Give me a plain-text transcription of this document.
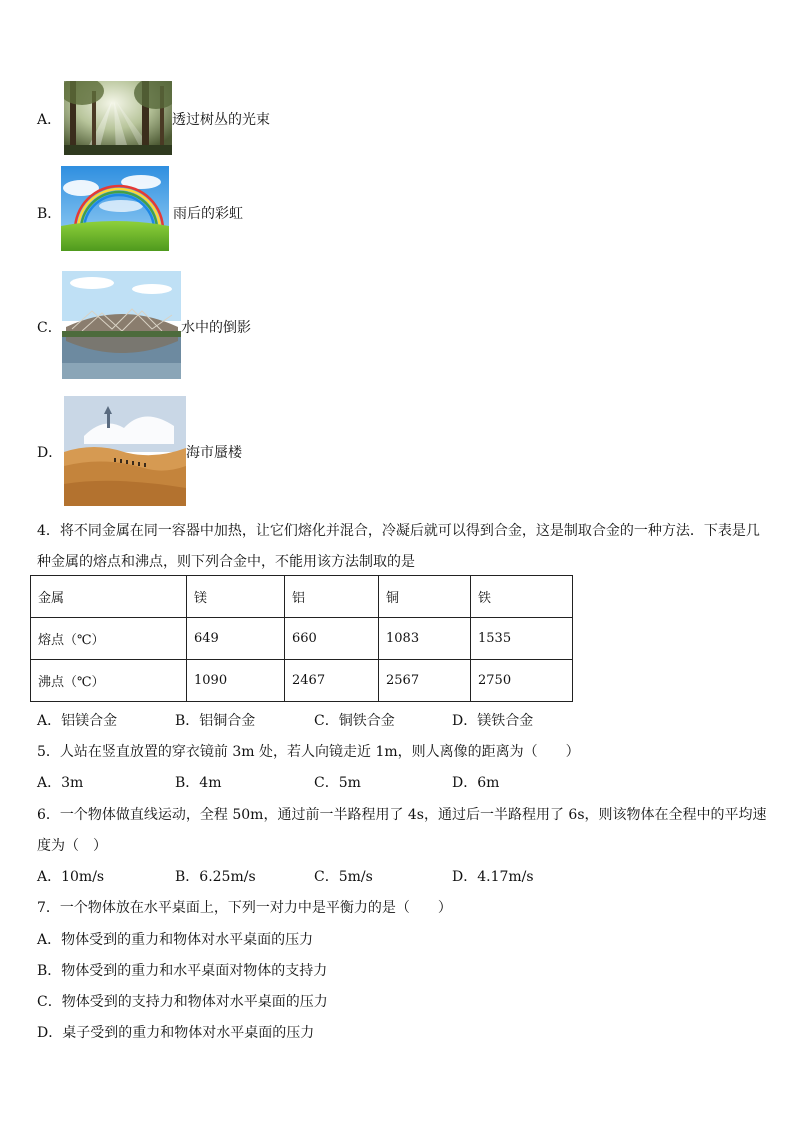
A．	透过树丛的光束
B．	雨后的彩虹
C．	水中的倒影
D．	海市蜃楼
4．将不同金属在同一容器中加热，让它们熔化并混合，冷凝后就可以得到合金，这是制取合金的一种方法．下表是几
种金属的熔点和沸点，则下列合金中，不能用该方法制取的是
金属	镁	铝	铜	铁
熔点（℃）	649	660	1083	1535
沸点（℃）	1090	2467	2567	2750
A．铝镁合金	B．铝铜合金	C．铜铁合金	D．镁铁合金
5．人站在竖直放置的穿衣镜前 3m 处，若人向镜走近 1m，则人离像的距离为（　　）
A．3m	B．4m	C．5m	D．6m
6．一个物体做直线运动，全程 50m，通过前一半路程用了 4s，通过后一半路程用了 6s，则该物体在全程中的平均速
度为（　）
A．10m/s	B．6.25m/s	C．5m/s	D．4.17m/s
7．一个物体放在水平桌面上，下列一对力中是平衡力的是（　　）
A．物体受到的重力和物体对水平桌面的压力
B．物体受到的重力和水平桌面对物体的支持力
C．物体受到的支持力和物体对水平桌面的压力
D．桌子受到的重力和物体对水平桌面的压力
